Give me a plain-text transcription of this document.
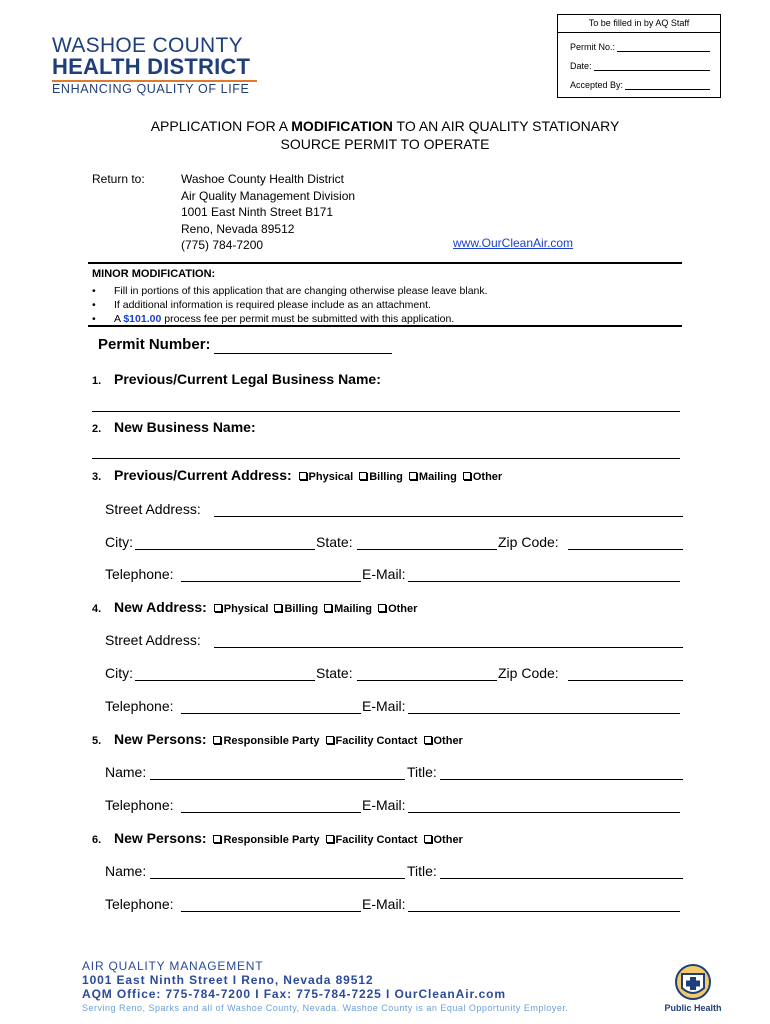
WASHOE COUNTY
HEALTH DISTRICT
ENHANCING QUALITY OF LIFE
To be filled in by AQ Staff
Permit No.:
Date:
Accepted By:
APPLICATION FOR A MODIFICATION TO AN AIR QUALITY STATIONARY
SOURCE PERMIT TO OPERATE
Return to:	Washoe County Health District
Air Quality Management Division
1001 East Ninth Street B171
Reno, Nevada 89512
(775) 784-7200	www.OurCleanAir.com
MINOR MODIFICATION:
•	Fill in portions of this application that are changing otherwise please leave blank.
•	If additional information is required please include as an attachment.
•	A $101.00 process fee per permit must be submitted with this application.
Permit Number:
1. Previous/Current Legal Business Name:
2. New Business Name:
3. Previous/Current Address: Physical Billing Mailing Other
Street Address:
City:	State:	Zip Code:
Telephone:	E-Mail:
4. New Address: Physical Billing Mailing Other
Street Address:
City:	State:	Zip Code:
Telephone:	E-Mail:
5. New Persons: Responsible Party Facility Contact Other
Name:	Title:
Telephone:	E-Mail:
6. New Persons: Responsible Party Facility Contact Other
Name:	Title:
Telephone:	E-Mail:
AIR QUALITY MANAGEMENT
1001 East Ninth Street I Reno, Nevada 89512
AQM Office: 775-784-7200 I Fax: 775-784-7225 I OurCleanAir.com
Serving Reno, Sparks and all of Washoe County, Nevada. Washoe County is an Equal Opportunity Employer.	Public Health
